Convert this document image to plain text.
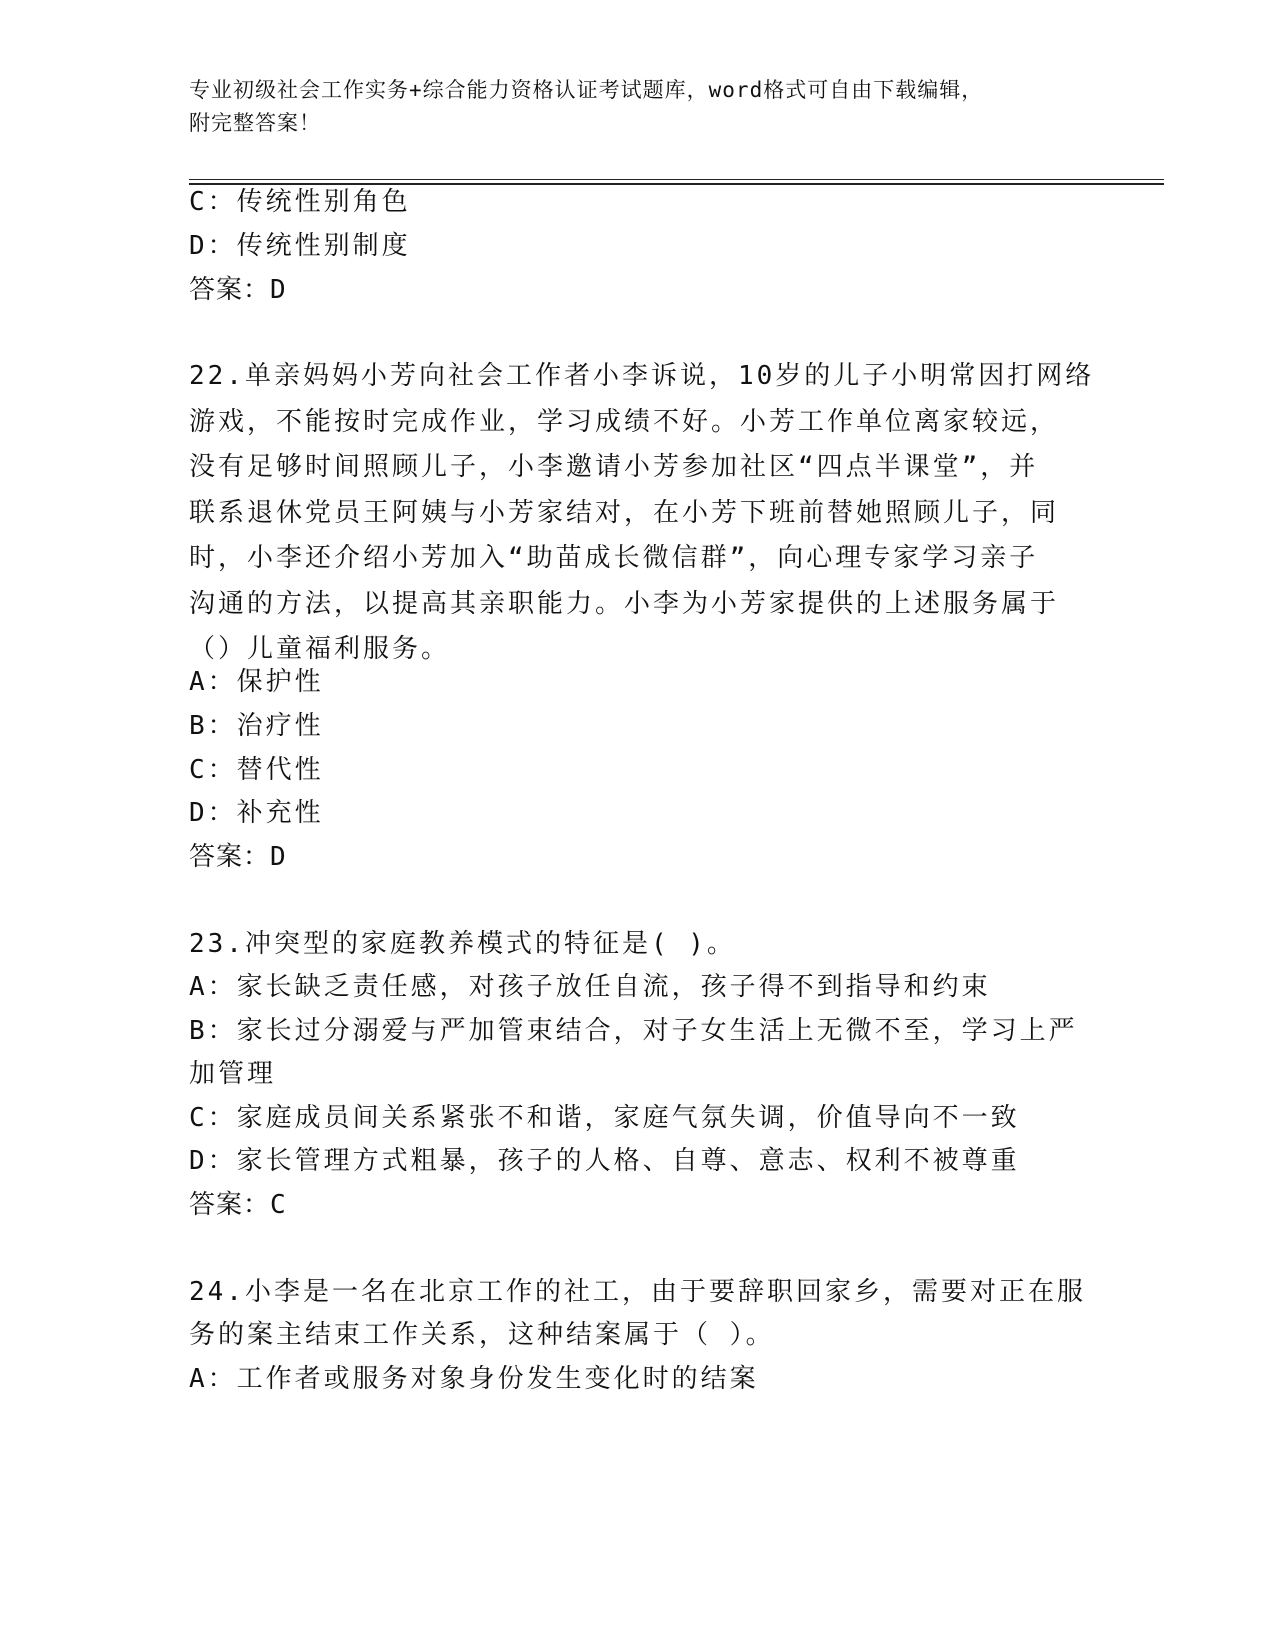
专业初级社会工作实务+综合能力资格认证考试题库，word格式可自由下载编辑，
附完整答案！
C：传统性别角色
D：传统性别制度
答案：D
22.单亲妈妈小芳向社会工作者小李诉说，10岁的儿子小明常因打网络
游戏，不能按时完成作业，学习成绩不好。小芳工作单位离家较远，
没有足够时间照顾儿子，小李邀请小芳参加社区“四点半课堂”，并
联系退休党员王阿姨与小芳家结对，在小芳下班前替她照顾儿子，同
时，小李还介绍小芳加入“助苗成长微信群”，向心理专家学习亲子
沟通的方法，以提高其亲职能力。小李为小芳家提供的上述服务属于
（）儿童福利服务。
A：保护性
B：治疗性
C：替代性
D：补充性
答案：D
23.冲突型的家庭教养模式的特征是( )。
A：家长缺乏责任感，对孩子放任自流，孩子得不到指导和约束
B：家长过分溺爱与严加管束结合，对子女生活上无微不至，学习上严
加管理
C：家庭成员间关系紧张不和谐，家庭气氛失调，价值导向不一致
D：家长管理方式粗暴，孩子的人格、自尊、意志、权利不被尊重
答案：C
24.小李是一名在北京工作的社工，由于要辞职回家乡，需要对正在服
务的案主结束工作关系，这种结案属于（ ）。
A：工作者或服务对象身份发生变化时的结案
